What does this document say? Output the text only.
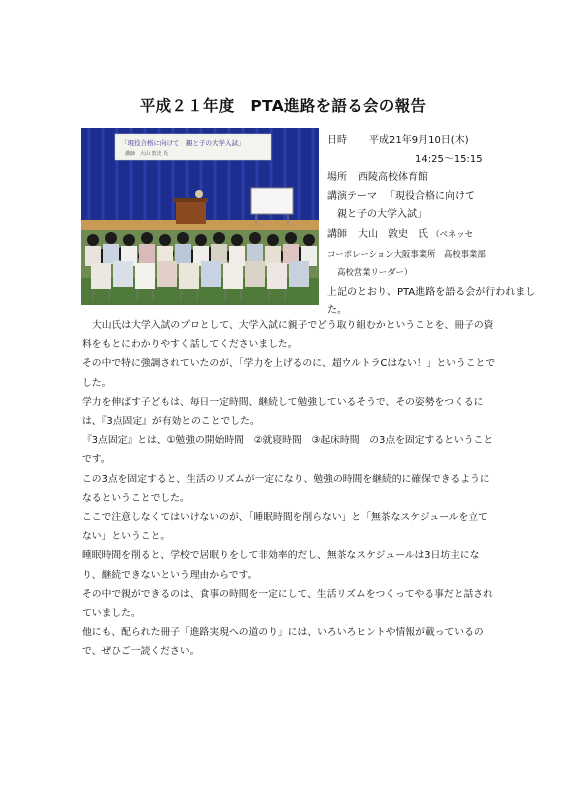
平成２１年度　PTA進路を語る会の報告
「現役合格に向けて　親と子の大学入試」
講師　大山 敦史 氏
日時 平成21年9月10日(木)
14:25～15:15
場所 西陵高校体育館
講演テーマ 「現役合格に向けて
親と子の大学入試」
講師 大山　敦史　氏 （ベネッセ
コーポレーション大阪事業所　高校事業部
高校営業リーダー）
上記のとおり、PTA進路を語る会が行われました。

大山氏は大学入試のプロとして、大学入試に親子でどう取り組むかということを、冊子の資料をもとにわかりやすく話してくださいました。

その中で特に強調されていたのが、「学力を上げるのに、超ウルトラCはない！」ということでした。

学力を伸ばす子どもは、毎日一定時間、継続して勉強しているそうで、その姿勢をつくるには、『3点固定』が有効とのことでした。

『3点固定』とは、①勉強の開始時間　②就寝時間　③起床時間　の3点を固定するということです。

この3点を固定すると、生活のリズムが一定になり、勉強の時間を継続的に確保できるようになるということでした。

ここで注意しなくてはいけないのが、「睡眠時間を削らない」と「無茶なスケジュールを立てない」ということ。

睡眠時間を削ると、学校で居眠りをして非効率的だし、無茶なスケジュールは3日坊主になり、継続できないという理由からです。

その中で親ができるのは、食事の時間を一定にして、生活リズムをつくってやる事だと話されていました。

他にも、配られた冊子「進路実現への道のり」には、いろいろヒントや情報が載っているので、ぜひご一読ください。
